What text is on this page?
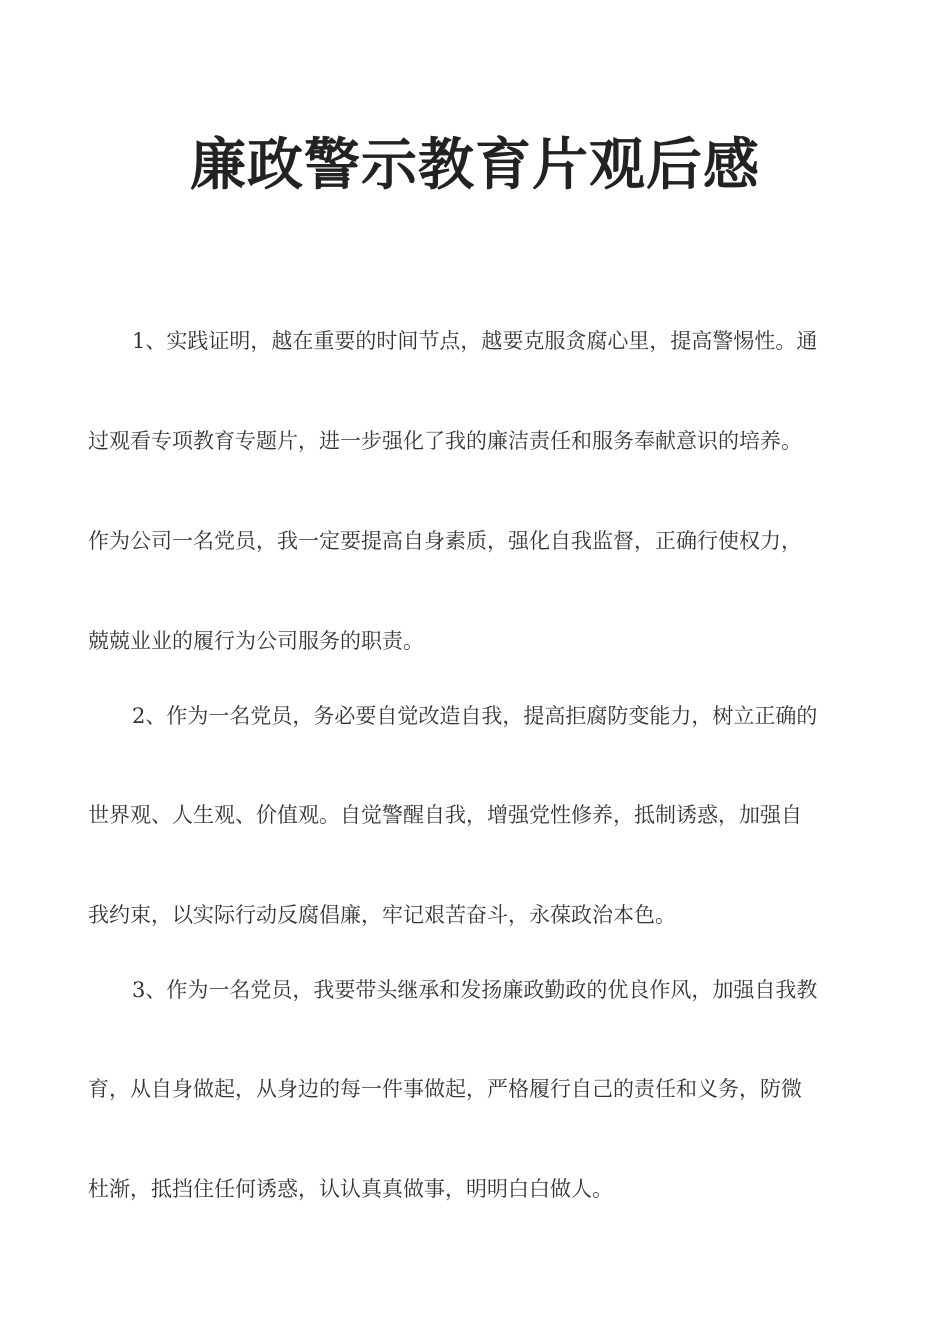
廉政警示教育片观后感
1、实践证明，越在重要的时间节点，越要克服贪腐心里，提高警惕性。通
过观看专项教育专题片，进一步强化了我的廉洁责任和服务奉献意识的培养。
作为公司一名党员，我一定要提高自身素质，强化自我监督，正确行使权力，
兢兢业业的履行为公司服务的职责。
2、作为一名党员，务必要自觉改造自我，提高拒腐防变能力，树立正确的
世界观、人生观、价值观。自觉警醒自我，增强党性修养，抵制诱惑，加强自
我约束，以实际行动反腐倡廉，牢记艰苦奋斗，永葆政治本色。
3、作为一名党员，我要带头继承和发扬廉政勤政的优良作风，加强自我教
育，从自身做起，从身边的每一件事做起，严格履行自己的责任和义务，防微
杜渐，抵挡住任何诱惑，认认真真做事，明明白白做人。
